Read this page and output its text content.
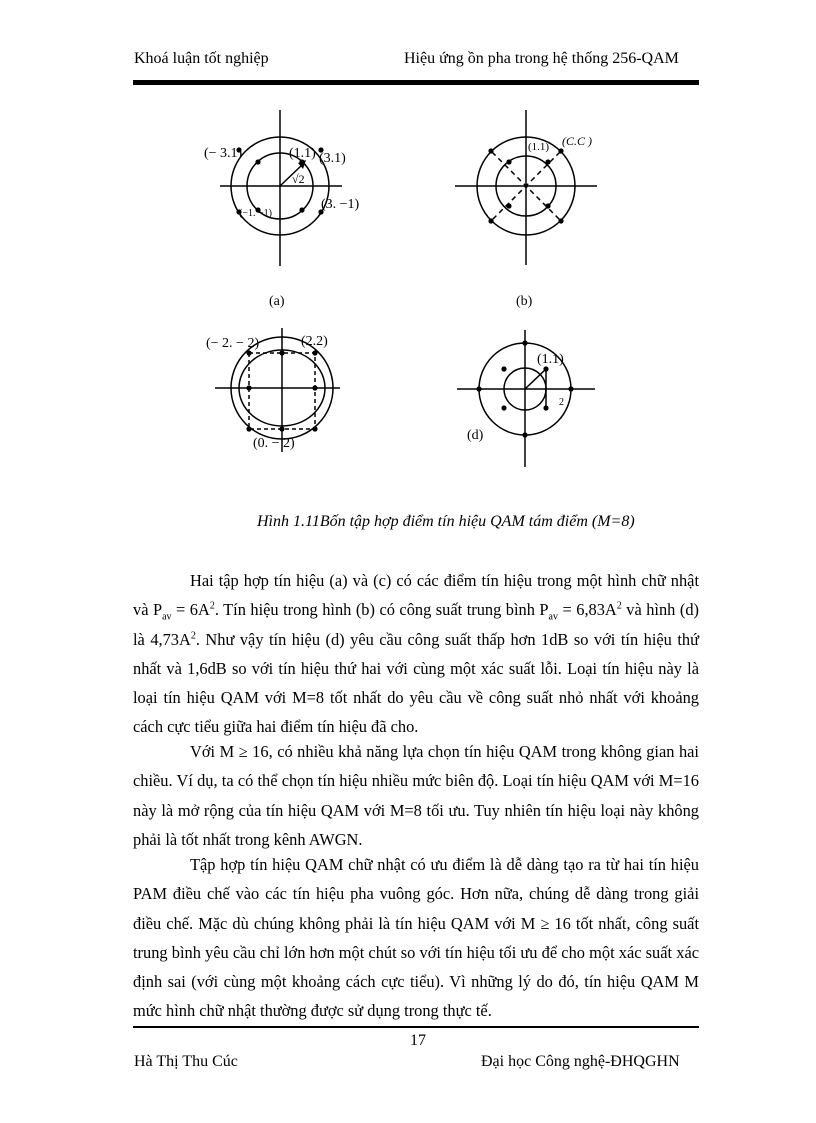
Khoá luận tốt nghiệp	Hiệu ứng ồn pha trong hệ thống 256-QAM
(− 3.1)	(1.1) (3.1)
(3. −1)
(−1. −1)
√2
(a)
(1.1) (C.C )
(b)
(− 2. − 2)	(2.2)
(0. − 2)
(1.1)
2
(d)
Hình 1.11Bốn tập hợp điểm tín hiệu QAM tám điểm (M=8)

Hai tập hợp tín hiệu (a) và (c) có các điểm tín hiệu trong một hình chữ nhật và $P_{av} = 6A^2$. Tín hiệu trong hình (b) có công suất trung bình $P_{av} = 6,83A^2$ và hình (d) là $4,73A^2$. Như vậy tín hiệu (d) yêu cầu công suất thấp hơn 1dB so với tín hiệu thứ nhất và 1,6dB so với tín hiệu thứ hai với cùng một xác suất lỗi. Loại tín hiệu này là loại tín hiệu QAM với M=8 tốt nhất do yêu cầu về công suất nhỏ nhất với khoảng cách cực tiểu giữa hai điểm tín hiệu đã cho.

Với M ≥ 16, có nhiều khả năng lựa chọn tín hiệu QAM trong không gian hai chiều. Ví dụ, ta có thể chọn tín hiệu nhiều mức biên độ. Loại tín hiệu QAM với M=16 này là mở rộng của tín hiệu QAM với M=8 tối ưu. Tuy nhiên tín hiệu loại này không phải là tốt nhất trong kênh AWGN.

Tập hợp tín hiệu QAM chữ nhật có ưu điểm là dễ dàng tạo ra từ hai tín hiệu PAM điều chế vào các tín hiệu pha vuông góc. Hơn nữa, chúng dễ dàng trong giải điều chế. Mặc dù chúng không phải là tín hiệu QAM với M ≥ 16 tốt nhất, công suất trung bình yêu cầu chỉ lớn hơn một chút so với tín hiệu tối ưu để cho một xác suất xác định sai (với cùng một khoảng cách cực tiểu). Vì những lý do đó, tín hiệu QAM M mức hình chữ nhật thường được sử dụng trong thực tế.

17
Hà Thị Thu Cúc	Đại học Công nghệ-ĐHQGHN
